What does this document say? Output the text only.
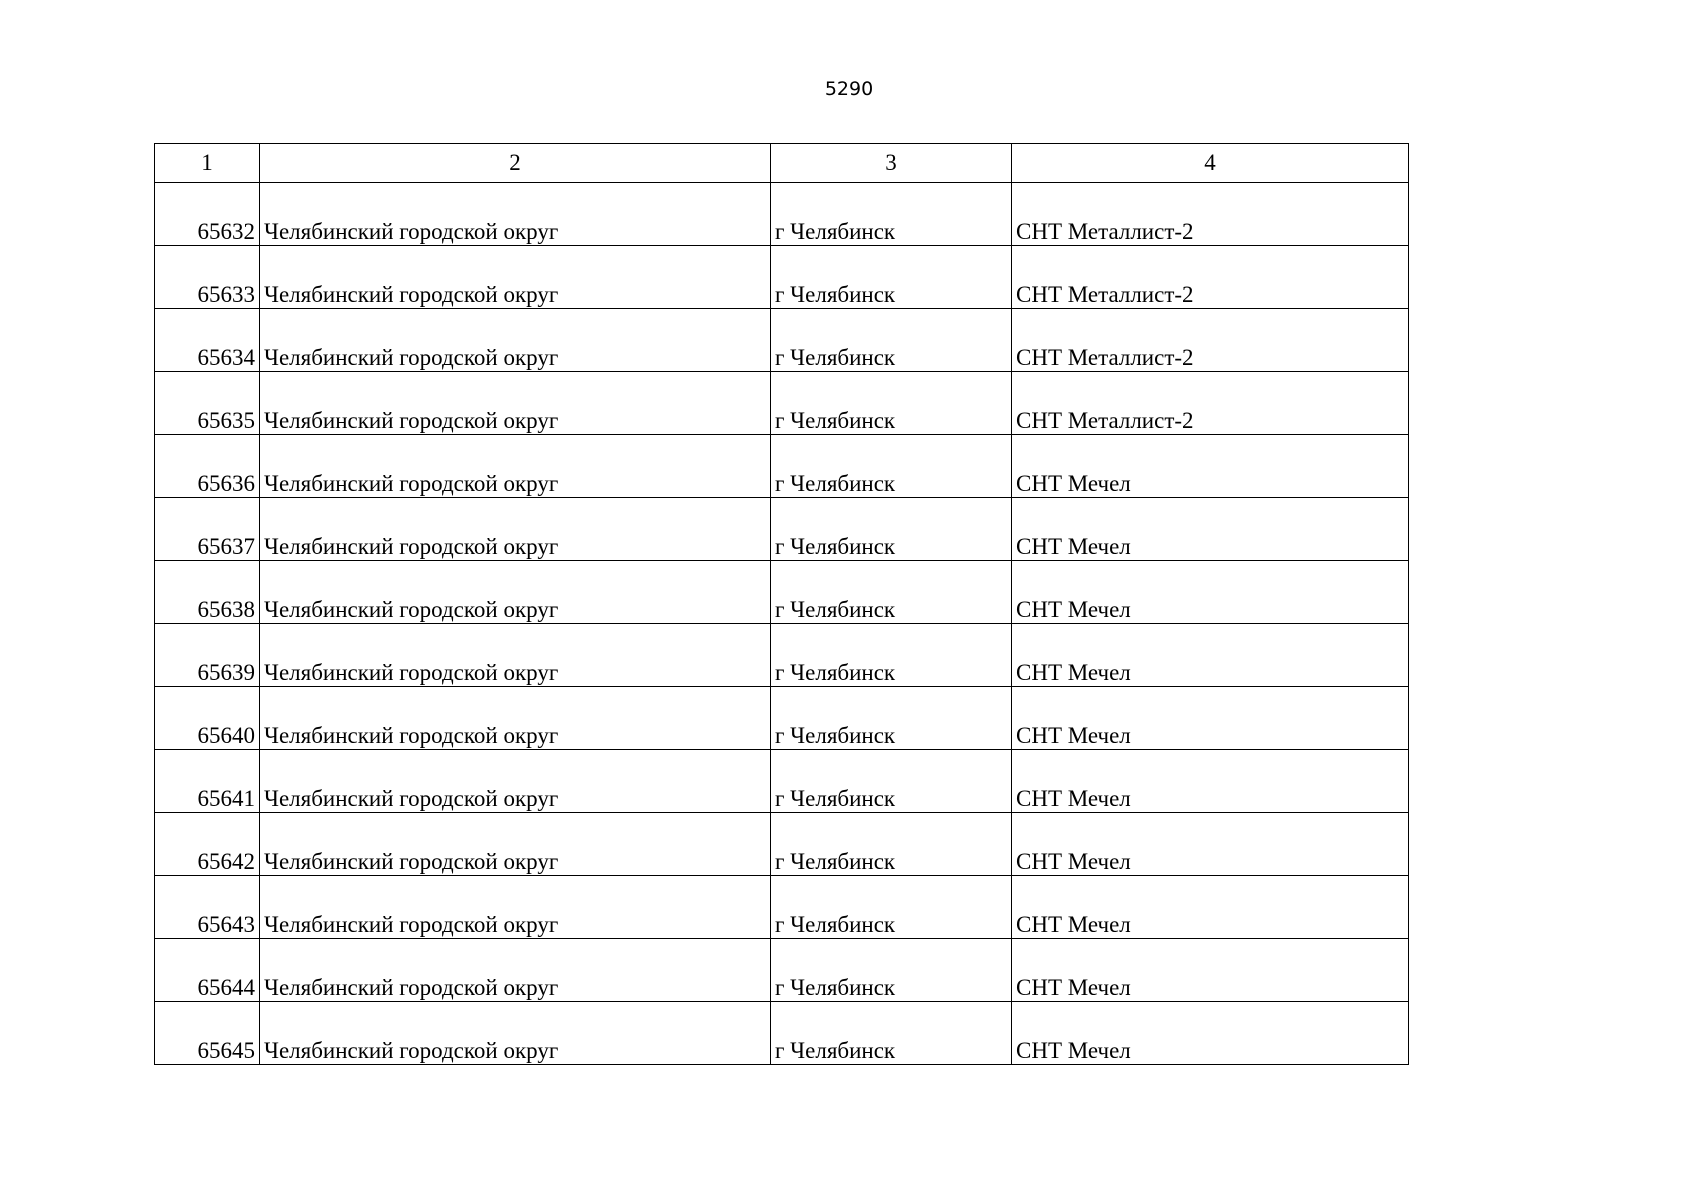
5290
1	2	3	4
65632	Челябинский городской округ	г Челябинск	СНТ Металлист-2
65633	Челябинский городской округ	г Челябинск	СНТ Металлист-2
65634	Челябинский городской округ	г Челябинск	СНТ Металлист-2
65635	Челябинский городской округ	г Челябинск	СНТ Металлист-2
65636	Челябинский городской округ	г Челябинск	СНТ Мечел
65637	Челябинский городской округ	г Челябинск	СНТ Мечел
65638	Челябинский городской округ	г Челябинск	СНТ Мечел
65639	Челябинский городской округ	г Челябинск	СНТ Мечел
65640	Челябинский городской округ	г Челябинск	СНТ Мечел
65641	Челябинский городской округ	г Челябинск	СНТ Мечел
65642	Челябинский городской округ	г Челябинск	СНТ Мечел
65643	Челябинский городской округ	г Челябинск	СНТ Мечел
65644	Челябинский городской округ	г Челябинск	СНТ Мечел
65645	Челябинский городской округ	г Челябинск	СНТ Мечел
